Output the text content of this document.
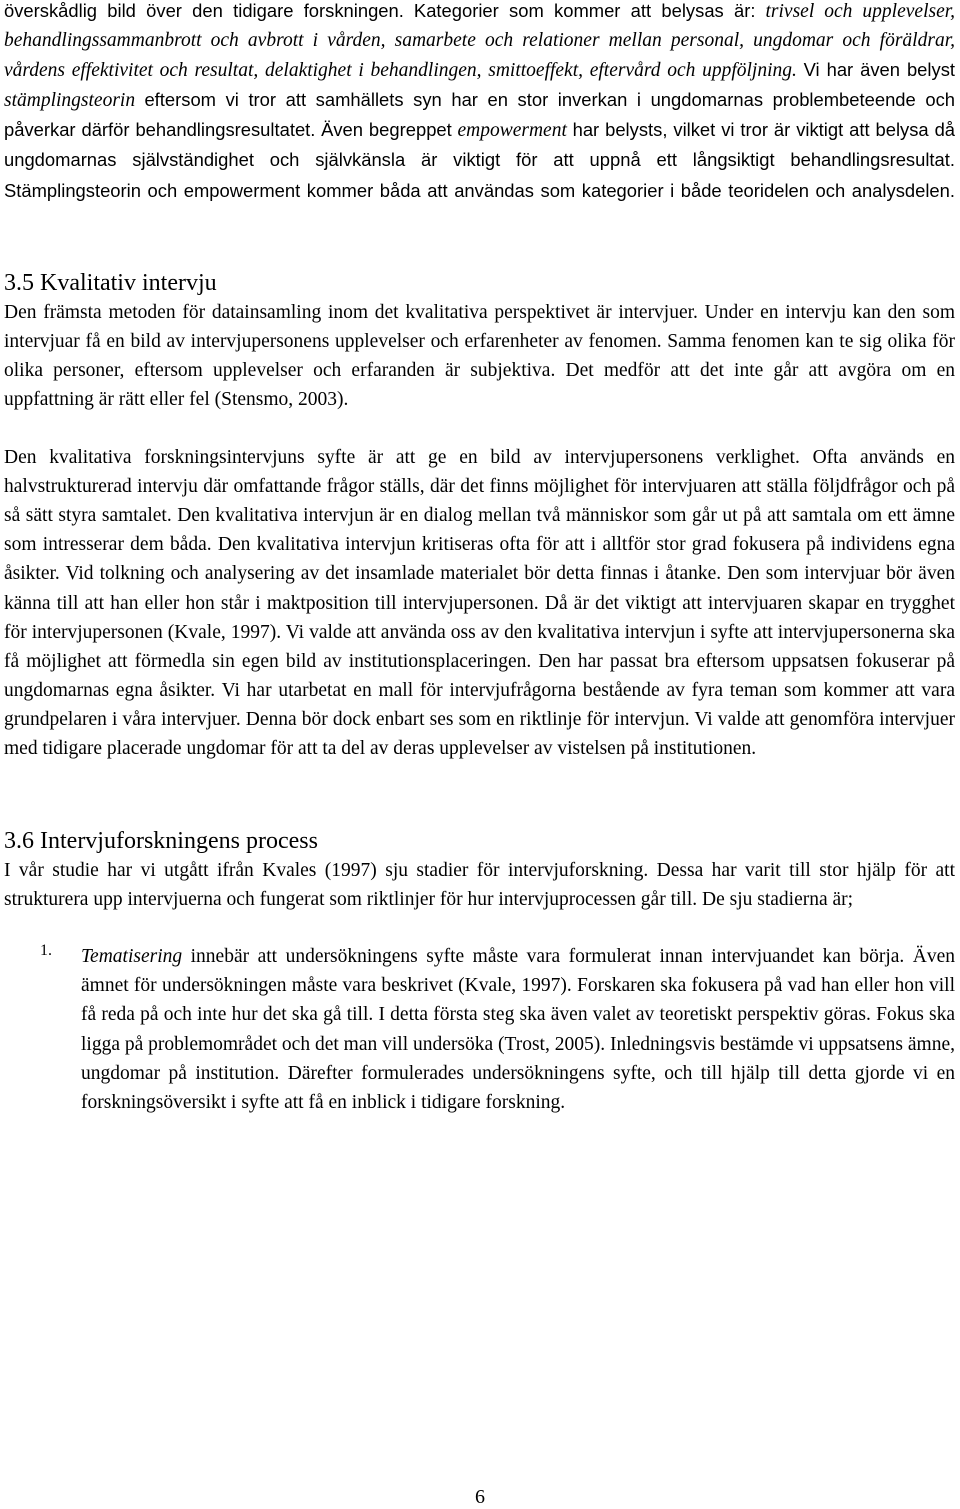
överskådlig bild över den tidigare forskningen. Kategorier som kommer att belysas är: trivsel och upplevelser, behandlingssammanbrott och avbrott i vården, samarbete och relationer mellan personal, ungdomar och föräldrar, vårdens effektivitet och resultat, delaktighet i behandlingen, smittoeffekt, eftervård och uppföljning. Vi har även belyst stämplingsteorin eftersom vi tror att samhällets syn har en stor inverkan i ungdomarnas problembeteende och påverkar därför behandlingsresultatet. Även begreppet empowerment har belysts, vilket vi tror är viktigt att belysa då ungdomarnas självständighet och självkänsla är viktigt för att uppnå ett långsiktigt behandlingsresultat. Stämplingsteorin och empowerment kommer båda att användas som kategorier i både teoridelen och analysdelen.

3.5 Kvalitativ intervju

Den främsta metoden för datainsamling inom det kvalitativa perspektivet är intervjuer. Under en intervju kan den som intervjuar få en bild av intervjupersonens upplevelser och erfarenheter av fenomen. Samma fenomen kan te sig olika för olika personer, eftersom upplevelser och erfaranden är subjektiva. Det medför att det inte går att avgöra om en uppfattning är rätt eller fel (Stensmo, 2003).

Den kvalitativa forskningsintervjuns syfte är att ge en bild av intervjupersonens verklighet. Ofta används en halvstrukturerad intervju där omfattande frågor ställs, där det finns möjlighet för intervjuaren att ställa följdfrågor och på så sätt styra samtalet. Den kvalitativa intervjun är en dialog mellan två människor som går ut på att samtala om ett ämne som intresserar dem båda. Den kvalitativa intervjun kritiseras ofta för att i alltför stor grad fokusera på individens egna åsikter. Vid tolkning och analysering av det insamlade materialet bör detta finnas i åtanke. Den som intervjuar bör även känna till att han eller hon står i maktposition till intervjupersonen. Då är det viktigt att intervjuaren skapar en trygghet för intervjupersonen (Kvale, 1997). Vi valde att använda oss av den kvalitativa intervjun i syfte att intervjupersonerna ska få möjlighet att förmedla sin egen bild av institutionsplaceringen. Den har passat bra eftersom uppsatsen fokuserar på ungdomarnas egna åsikter. Vi har utarbetat en mall för intervjufrågorna bestående av fyra teman som kommer att vara grundpelaren i våra intervjuer. Denna bör dock enbart ses som en riktlinje för intervjun. Vi valde att genomföra intervjuer med tidigare placerade ungdomar för att ta del av deras upplevelser av vistelsen på institutionen.

3.6 Intervjuforskningens process

I vår studie har vi utgått ifrån Kvales (1997) sju stadier för intervjuforskning. Dessa har varit till stor hjälp för att strukturera upp intervjuerna och fungerat som riktlinjer för hur intervjuprocessen går till. De sju stadierna är;

1. Tematisering innebär att undersökningens syfte måste vara formulerat innan intervjuandet kan börja. Även ämnet för undersökningen måste vara beskrivet (Kvale, 1997). Forskaren ska fokusera på vad han eller hon vill få reda på och inte hur det ska gå till. I detta första steg ska även valet av teoretiskt perspektiv göras. Fokus ska ligga på problemområdet och det man vill undersöka (Trost, 2005). Inledningsvis bestämde vi uppsatsens ämne, ungdomar på institution. Därefter formulerades undersökningens syfte, och till hjälp till detta gjorde vi en forskningsöversikt i syfte att få en inblick i tidigare forskning.

6
